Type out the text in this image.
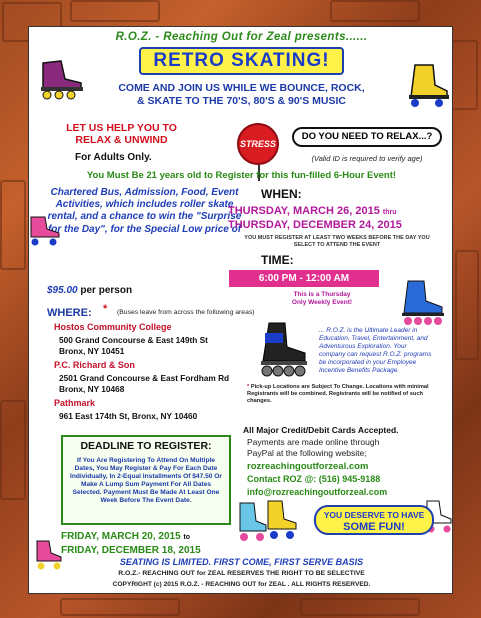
R.O.Z. - Reaching Out for Zeal presents......
RETRO SKATING!
COME AND JOIN US WHILE WE BOUNCE, ROCK,
& SKATE TO THE 70'S, 80'S & 90'S MUSIC
LET US HELP YOU TO
RELAX & UNWIND
For Adults Only.
STRESS
DO YOU NEED TO RELAX...?
(Valid ID is required to verify age)
You Must Be 21 years old to Register for this fun-filled 6-Hour Event!
Chartered Bus, Admission, Food, Event Activities, which includes roller skate rental, and a chance to win the "Surprise for the Day", for the Special Low price of
WHEN:
THURSDAY, MARCH 26, 2015 thru
THURSDAY, DECEMBER 24, 2015
YOU MUST REGISTER AT LEAST TWO WEEKS BEFORE THE DAY YOU SELECT TO ATTEND THE EVENT
TIME:
6:00 PM - 12:00 AM
This is a Thursday Only Weekly Event!
... R.O.Z. is the Ultimate Leader in Education, Travel, Entertainment, and Adventurous Exploration. Your company can request R.O.Z. programs be incorporated in your Employee Incentive Benefits Package.
* Pick-up Locations are Subject To Change. Locations with minimal Registrants will be combined. Registrants will be notified of such changes.
$95.00 per person
WHERE: * (Buses leave from across the following areas)
Hostos Community College
500 Grand Concourse & East 149th St
Bronx, NY 10451
P.C. Richard & Son
2501 Grand Concourse & East Fordham Rd
Bronx, NY 10468
Pathmark
961 East 174th St, Bronx, NY 10460
DEADLINE TO REGISTER:
If You Are Registering To Attend On Multiple Dates, You May Register & Pay For Each Date Individually, In 2-Equal Installments Of $47.50 Or Make A Lump Sum Payment For All Dates Selected. Payment Must Be Made At Least One Week Before The Event Date.
FRIDAY, MARCH 20, 2015 to
FRIDAY, DECEMBER 18, 2015
All Major Credit/Debit Cards Accepted.
Payments are made online through
PayPal at the following website;
rozreachingoutforzeal.com
Contact ROZ @: (516) 945-9188
info@rozreachingoutforzeal.com
YOU DESERVE TO HAVE
SOME FUN!
SEATING IS LIMITED. FIRST COME, FIRST SERVE BASIS
R.O.Z.- REACHING OUT for ZEAL RESERVES THE RIGHT TO BE SELECTIVE
COPYRIGHT (c) 2015 R.O.Z. - REACHING OUT for ZEAL . ALL RIGHTS RESERVED.
